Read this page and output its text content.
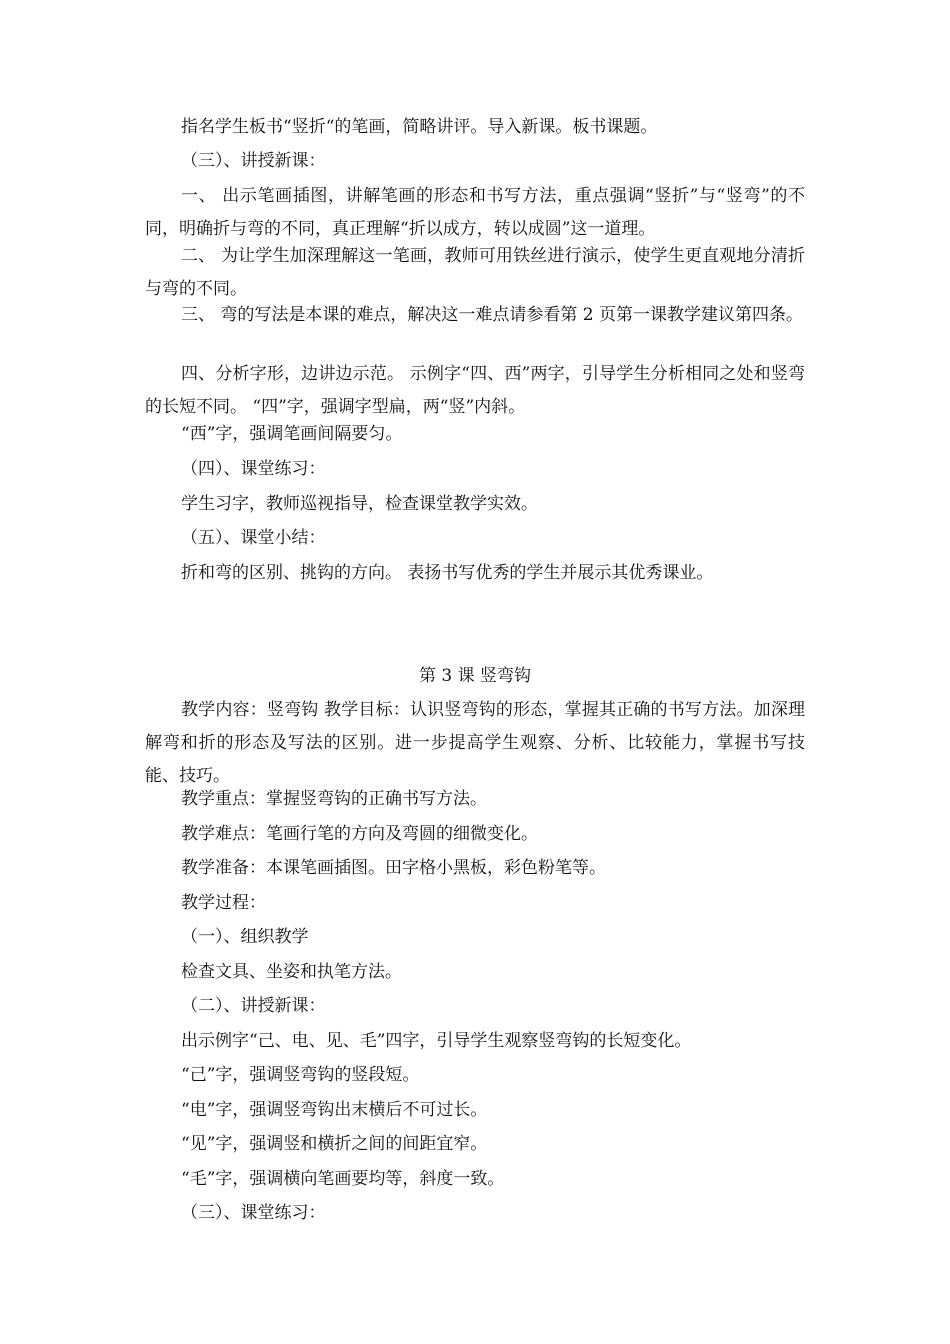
指名学生板书“竖折“的笔画，简略讲评。导入新课。板书课题。

（三）、讲授新课：

一、 出示笔画插图，讲解笔画的形态和书写方法，重点强调“竖折”与“竖弯”的不同，明确折与弯的不同，真正理解“折以成方，转以成圆”这一道理。

二、 为让学生加深理解这一笔画，教师可用铁丝进行演示，使学生更直观地分清折与弯的不同。

三、 弯的写法是本课的难点，解决这一难点请参看第 2 页第一课教学建议第四条。

四、分析字形，边讲边示范。 示例字“四、西”两字，引导学生分析相同之处和竖弯的长短不同。 “四”字，强调字型扁，两“竖”内斜。

“西”字，强调笔画间隔要匀。

（四）、课堂练习：

学生习字，教师巡视指导，检查课堂教学实效。

（五）、课堂小结：

折和弯的区别、挑钩的方向。 表扬书写优秀的学生并展示其优秀课业。

第 3 课 竖弯钩

教学内容：竖弯钩 教学目标：认识竖弯钩的形态，掌握其正确的书写方法。加深理解弯和折的形态及写法的区别。进一步提高学生观察、分析、比较能力，掌握书写技能、技巧。

教学重点：掌握竖弯钩的正确书写方法。

教学难点：笔画行笔的方向及弯圆的细微变化。

教学准备：本课笔画插图。田字格小黑板，彩色粉笔等。

教学过程：

（一）、组织教学

检查文具、坐姿和执笔方法。

（二）、讲授新课：

出示例字“己、电、见、毛”四字，引导学生观察竖弯钩的长短变化。

“己”字，强调竖弯钩的竖段短。

“电”字，强调竖弯钩出末横后不可过长。

“见”字，强调竖和横折之间的间距宜窄。

“毛”字，强调横向笔画要均等，斜度一致。

（三）、课堂练习：
